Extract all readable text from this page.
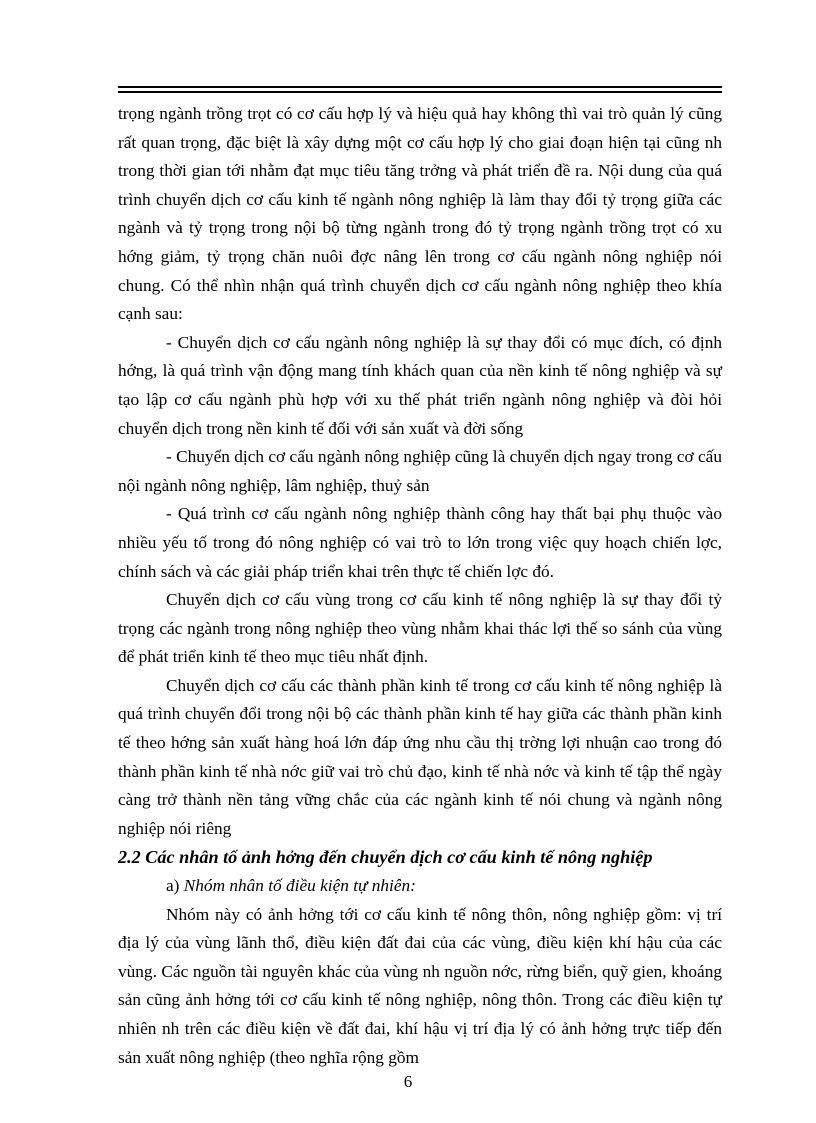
trọng ngành trồng trọt có cơ cấu hợp lý và hiệu quả hay không thì vai trò quản lý cũng rất quan trọng, đặc biệt là xây dựng một cơ cấu hợp lý cho giai đoạn hiện tại cũng nh trong thời gian tới nhằm đạt mục tiêu tăng trởng và phát triển đề ra. Nội dung của quá trình chuyển dịch cơ cấu kinh tế ngành nông nghiệp là làm thay đổi tỷ trọng giữa các ngành và tỷ trọng trong nội bộ từng ngành trong đó tỷ trọng ngành trồng trọt có xu hớng giảm, tỷ trọng chăn nuôi đợc nâng lên trong cơ cấu ngành nông nghiệp nói chung. Có thể nhìn nhận quá trình chuyển dịch cơ cấu ngành nông nghiệp theo khía cạnh sau:

- Chuyển dịch cơ cấu ngành nông nghiệp là sự thay đổi có mục đích, có định hớng, là quá trình vận động mang tính khách quan của nền kinh tế nông nghiệp và sự tạo lập cơ cấu ngành phù hợp với xu thế phát triển ngành nông nghiệp và đòi hỏi chuyển dịch trong nền kinh tế đối với sản xuất và đời sống

- Chuyển dịch cơ cấu ngành nông nghiệp cũng là chuyển dịch ngay trong cơ cấu nội ngành nông nghiệp, lâm nghiệp, thuỷ sản

- Quá trình cơ cấu ngành nông nghiệp thành công hay thất bại phụ thuộc vào nhiều yếu tố trong đó nông nghiệp có vai trò to lớn trong việc quy hoạch chiến lợc, chính sách và các giải pháp triển khai trên thực tế chiến lợc đó.

Chuyển dịch cơ cấu vùng trong cơ cấu kinh tế nông nghiệp là sự thay đổi tỷ trọng các ngành trong nông nghiệp theo vùng nhằm khai thác lợi thế so sánh của vùng để phát triển kinh tế theo mục tiêu nhất định.

Chuyển dịch cơ cấu các thành phần kinh tế trong cơ cấu kinh tế nông nghiệp là quá trình chuyển đổi trong nội bộ các thành phần kinh tế hay giữa các thành phần kinh tế theo hớng sản xuất hàng hoá lớn đáp ứng nhu cầu thị trờng lợi nhuận cao trong đó thành phần kinh tế nhà nớc giữ vai trò chủ đạo, kinh tế nhà nớc và kinh tế tập thể ngày càng trở thành nền tảng vững chắc của các ngành kinh tế nói chung và ngành nông nghiệp nói riêng

2.2 Các nhân tố ảnh hởng đến chuyển dịch cơ cấu kinh tế nông nghiệp

a) Nhóm nhân tố điều kiện tự nhiên:

Nhóm này có ảnh hởng tới cơ cấu kinh tế nông thôn, nông nghiệp gồm: vị trí địa lý của vùng lãnh thổ, điều kiện đất đai của các vùng, điều kiện khí hậu của các vùng. Các nguồn tài nguyên khác của vùng nh nguồn nớc, rừng biển, quỹ gien, khoáng sản cũng ảnh hởng tới cơ cấu kinh tế nông nghiệp, nông thôn. Trong các điều kiện tự nhiên nh trên các điều kiện về đất đai, khí hậu vị trí địa lý có ảnh hởng trực tiếp đến sản xuất nông nghiệp (theo nghĩa rộng gồm

6
